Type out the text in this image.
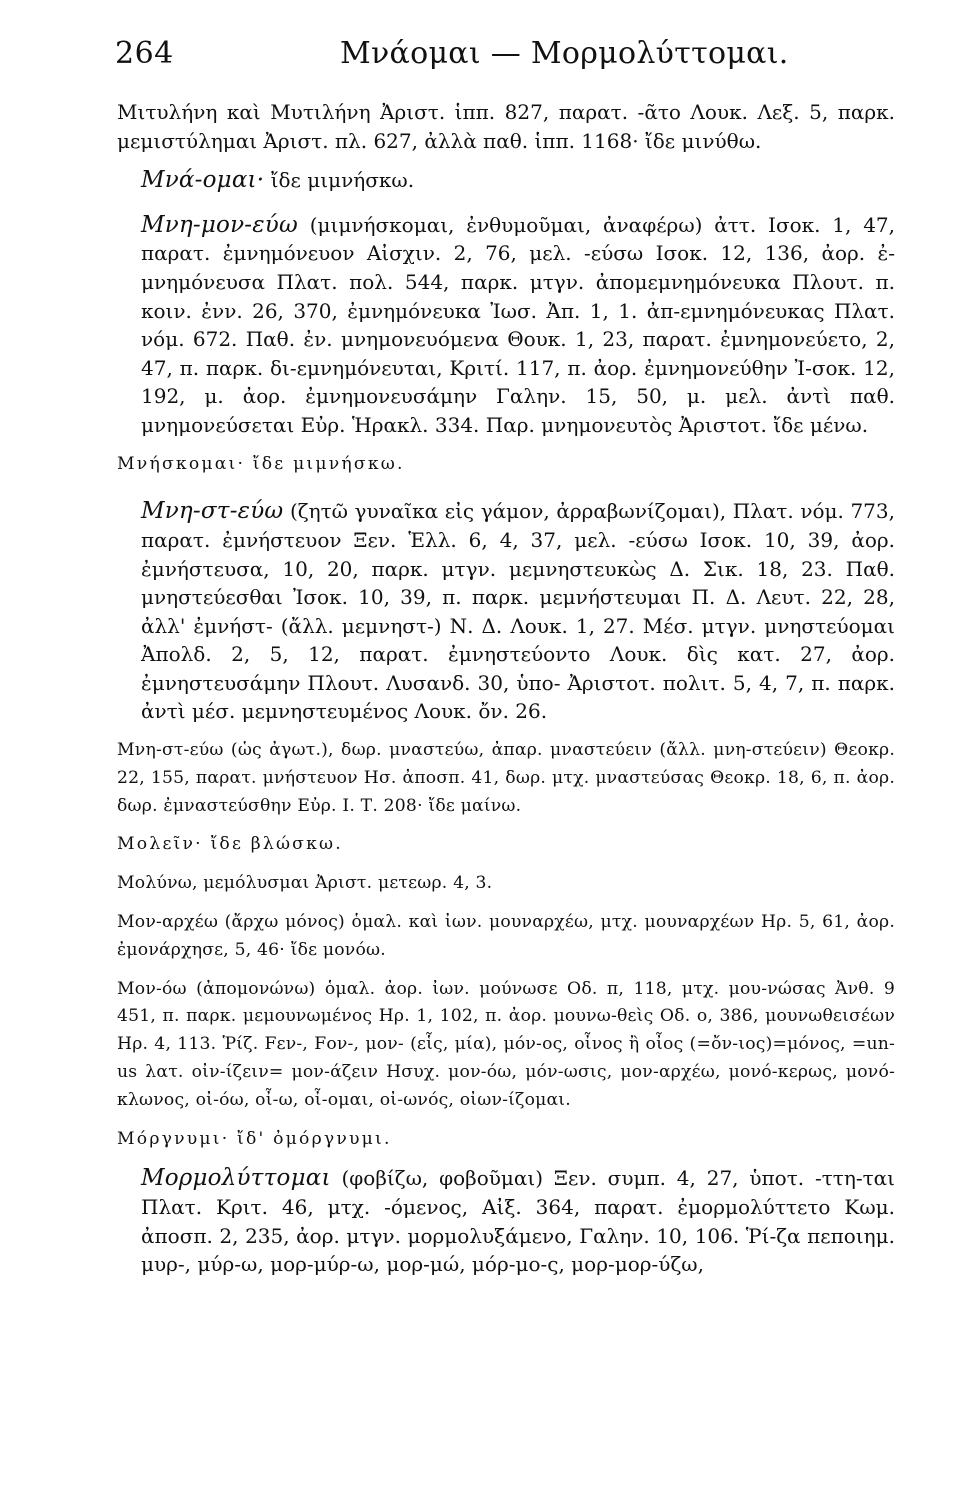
264	Μνάομαι — Μορμολύττομαι.

Μιτυλήνη καὶ Μυτιλήνη Ἀριστ. ἱππ. 827, παρατ. -ᾶτο Λουκ. Λεξ. 5, παρκ. μεμιστύλημαι Ἀριστ. πλ. 627, ἀλλὰ παθ. ἱππ. 1168· ἴδε μινύθω.

Μνά-ομαι· ἴδε μιμνήσκω.

Μνη-μον-εύω (μιμνήσκομαι, ἐνθυμοῦμαι, ἀναφέρω) ἀττ. Ισοκ. 1, 47, παρατ. ἐμνημόνευον Αἰσχιν. 2, 76, μελ. -εύσω Ισοκ. 12, 136, ἀορ. ἐ-μνημόνευσα Πλατ. πολ. 544, παρκ. μτγν. ἀπομεμνημόνευκα Πλουτ. π. κοιν. ἐνν. 26, 370, ἐμνημόνευκα Ἰωσ. Ἀπ. 1, 1. ἀπ-εμνημόνευκας Πλατ. νόμ. 672. Παθ. ἐν. μνημονευόμενα Θουκ. 1, 23, παρατ. ἐμνημονεύετο, 2, 47, π. παρκ. δι-εμνημόνευται, Κριτί. 117, π. ἀορ. ἐμνημονεύθην Ἰ-σοκ. 12, 192, μ. ἀορ. ἐμνημονευσάμην Γαλην. 15, 50, μ. μελ. ἀντὶ παθ. μνημονεύσεται Εὐρ. Ἡρακλ. 334. Παρ. μνημονευτὸς Ἀριστοτ. ἴδε μένω.

Μνήσκομαι· ἴδε μιμνήσκω.

Μνη-στ-εύω (ζητῶ γυναῖκα εἰς γάμον, ἀρραβωνίζομαι), Πλατ. νόμ. 773, παρατ. ἐμνήστευον Ξεν. Ἑλλ. 6, 4, 37, μελ. -εύσω Ισοκ. 10, 39, ἀορ. ἐμνήστευσα, 10, 20, παρκ. μτγν. μεμνηστευκὼς Δ. Σικ. 18, 23. Παθ. μνηστεύεσθαι Ἰσοκ. 10, 39, π. παρκ. μεμνήστευμαι Π. Δ. Λευτ. 22, 28, ἀλλ' ἐμνήστ- (ἄλλ. μεμνηστ-) Ν. Δ. Λουκ. 1, 27. Μέσ. μτγν. μνηστεύομαι Ἀπολδ. 2, 5, 12, παρατ. ἐμνηστεύοντο Λουκ. δὶς κατ. 27, ἀορ. ἐμνηστευσάμην Πλουτ. Λυσανδ. 30, ὑπο- Ἀριστοτ. πολιτ. 5, 4, 7, π. παρκ. ἀντὶ μέσ. μεμνηστευμένος Λουκ. ὄν. 26.

Μνη-στ-εύω (ὡς ἀγωτ.), δωρ. μναστεύω, ἀπαρ. μναστεύειν (ἄλλ. μνη-στεύειν) Θεοκρ. 22, 155, παρατ. μνήστευον Ησ. ἀποσπ. 41, δωρ. μτχ. μναστεύσας Θεοκρ. 18, 6, π. ἀορ. δωρ. ἐμναστεύσθην Εὐρ. Ι. Τ. 208· ἴδε μαίνω.

Μολεῖν· ἴδε βλώσκω.

Μολύνω, μεμόλυσμαι Ἀριστ. μετεωρ. 4, 3.

Μον-αρχέω (ἄρχω μόνος) ὁμαλ. καὶ ἰων. μουναρχέω, μτχ. μουναρχέων Ηρ. 5, 61, ἀορ. ἐμονάρχησε, 5, 46· ἴδε μονόω.

Μον-όω (ἀπομονώνω) ὁμαλ. ἀορ. ἰων. μούνωσε Οδ. π, 118, μτχ. μου-νώσας Ἀνθ. 9 451, π. παρκ. μεμουνωμένος Ηρ. 1, 102, π. ἀορ. μουνω-θεὶς Οδ. ο, 386, μουνωθεισέων Ηρ. 4, 113. Ῥίζ. Fεν-, Fον-, μον- (εἷς, μία), μόν-ος, οἶνος ἢ οἶος (=ὄν-ιος)=μόνος, =un-us λατ. οἰν-ίζειν= μον-άζειν Ησυχ. μον-όω, μόν-ωσις, μον-αρχέω, μονό-κερως, μονό-κλωνος, οἰ-όω, οἶ-ω, οἶ-ομαι, οἰ-ωνός, οἰων-ίζομαι.

Μόργνυμι· ἴδ' ὀμόργνυμι.

Μορμολύττομαι (φοβίζω, φοβοῦμαι) Ξεν. συμπ. 4, 27, ὑποτ. -ττη-ται Πλατ. Κριτ. 46, μτχ. -όμενος, Αἰξ. 364, παρατ. ἐμορμολύττετο Κωμ. ἀποσπ. 2, 235, ἀορ. μτγν. μορμολυξάμενο, Γαλην. 10, 106. Ῥί-ζα πεποιημ. μυρ-, μύρ-ω, μορ-μύρ-ω, μορ-μώ, μόρ-μο-ς, μορ-μορ-ύζω,
